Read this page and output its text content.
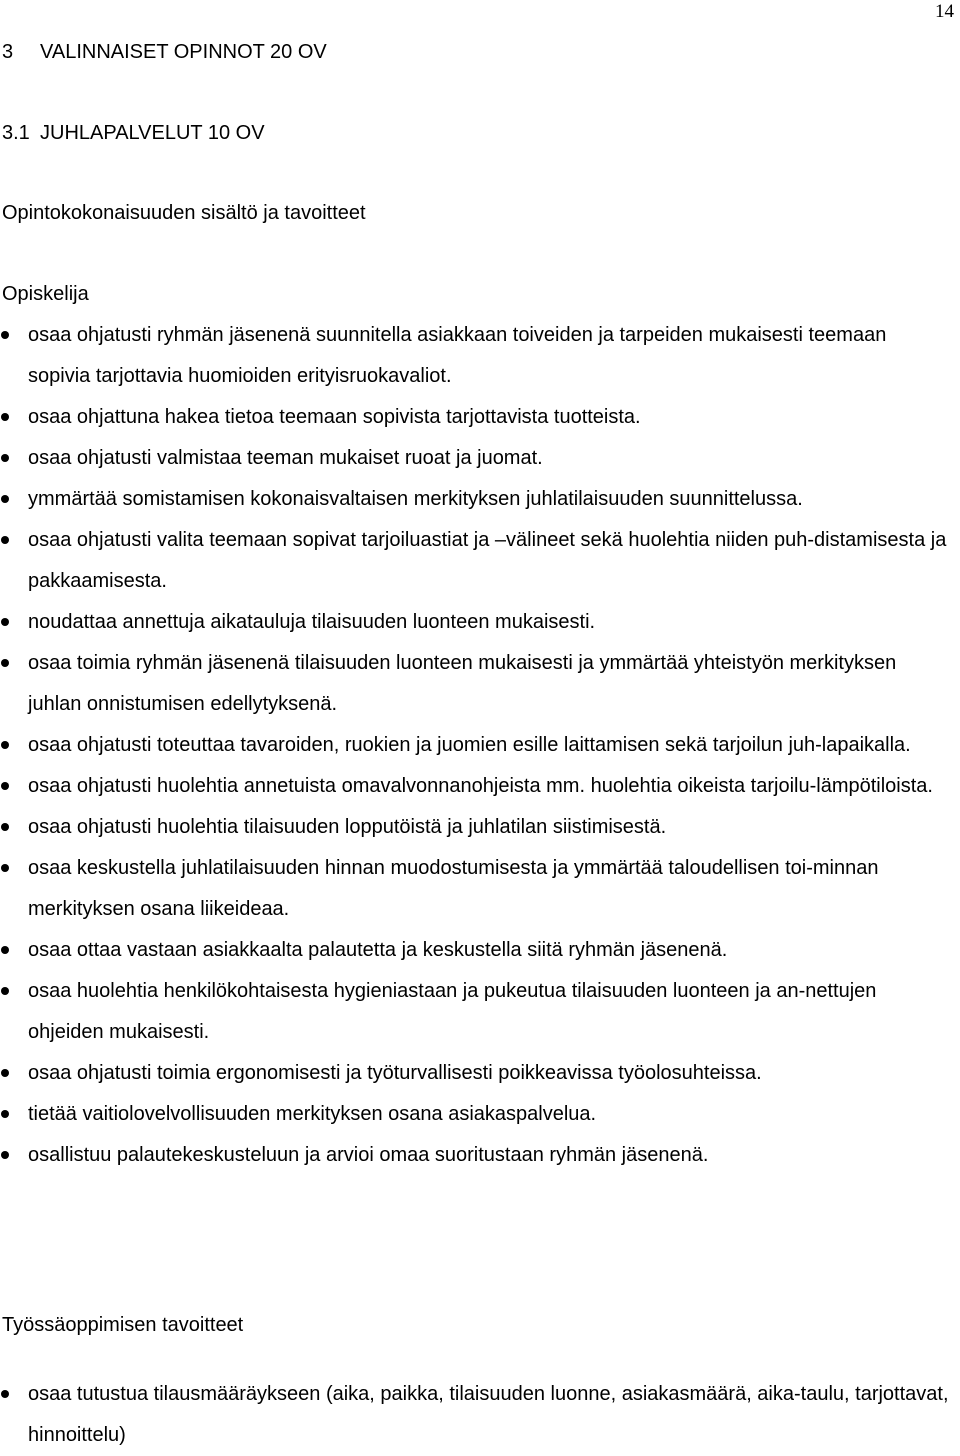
14
3 VALINNAISET OPINNOT 20 OV
3.1 JUHLAPALVELUT 10 OV

Opintokokonaisuuden sisältö ja tavoitteet

Opiskelija

osaa ohjatusti ryhmän jäsenenä suunnitella asiakkaan toiveiden ja tarpeiden mukaisesti teemaan sopivia tarjottavia huomioiden erityisruokavaliot.
osaa ohjattuna hakea tietoa teemaan sopivista tarjottavista tuotteista.
osaa ohjatusti valmistaa teeman mukaiset ruoat ja juomat.
ymmärtää somistamisen kokonaisvaltaisen merkityksen juhlatilaisuuden suunnittelussa.
osaa ohjatusti valita teemaan sopivat tarjoiluastiat ja –välineet sekä huolehtia niiden puh-distamisesta ja pakkaamisesta.
noudattaa annettuja aikatauluja tilaisuuden luonteen mukaisesti.
osaa toimia ryhmän jäsenenä tilaisuuden luonteen mukaisesti ja ymmärtää yhteistyön merkityksen juhlan onnistumisen edellytyksenä.
osaa ohjatusti toteuttaa tavaroiden, ruokien ja juomien esille laittamisen sekä tarjoilun juh-lapaikalla.
osaa ohjatusti huolehtia annetuista omavalvonnanohjeista mm. huolehtia oikeista tarjoilu-lämpötiloista.
osaa ohjatusti huolehtia tilaisuuden lopputöistä ja juhlatilan siistimisestä.
osaa keskustella juhlatilaisuuden hinnan muodostumisesta ja ymmärtää taloudellisen toi-minnan merkityksen osana liikeideaa.
osaa ottaa vastaan asiakkaalta palautetta ja keskustella siitä ryhmän jäsenenä.
osaa huolehtia henkilökohtaisesta hygieniastaan ja pukeutua tilaisuuden luonteen ja an-nettujen ohjeiden mukaisesti.
osaa ohjatusti toimia ergonomisesti ja työturvallisesti poikkeavissa työolosuhteissa.
tietää vaitiolovelvollisuuden merkityksen osana asiakaspalvelua.
osallistuu palautekeskusteluun ja arvioi omaa suoritustaan ryhmän jäsenenä.

Työssäoppimisen tavoitteet

osaa tutustua tilausmääräykseen (aika, paikka, tilaisuuden luonne, asiakasmäärä, aika-taulu, tarjottavat, hinnoittelu)
